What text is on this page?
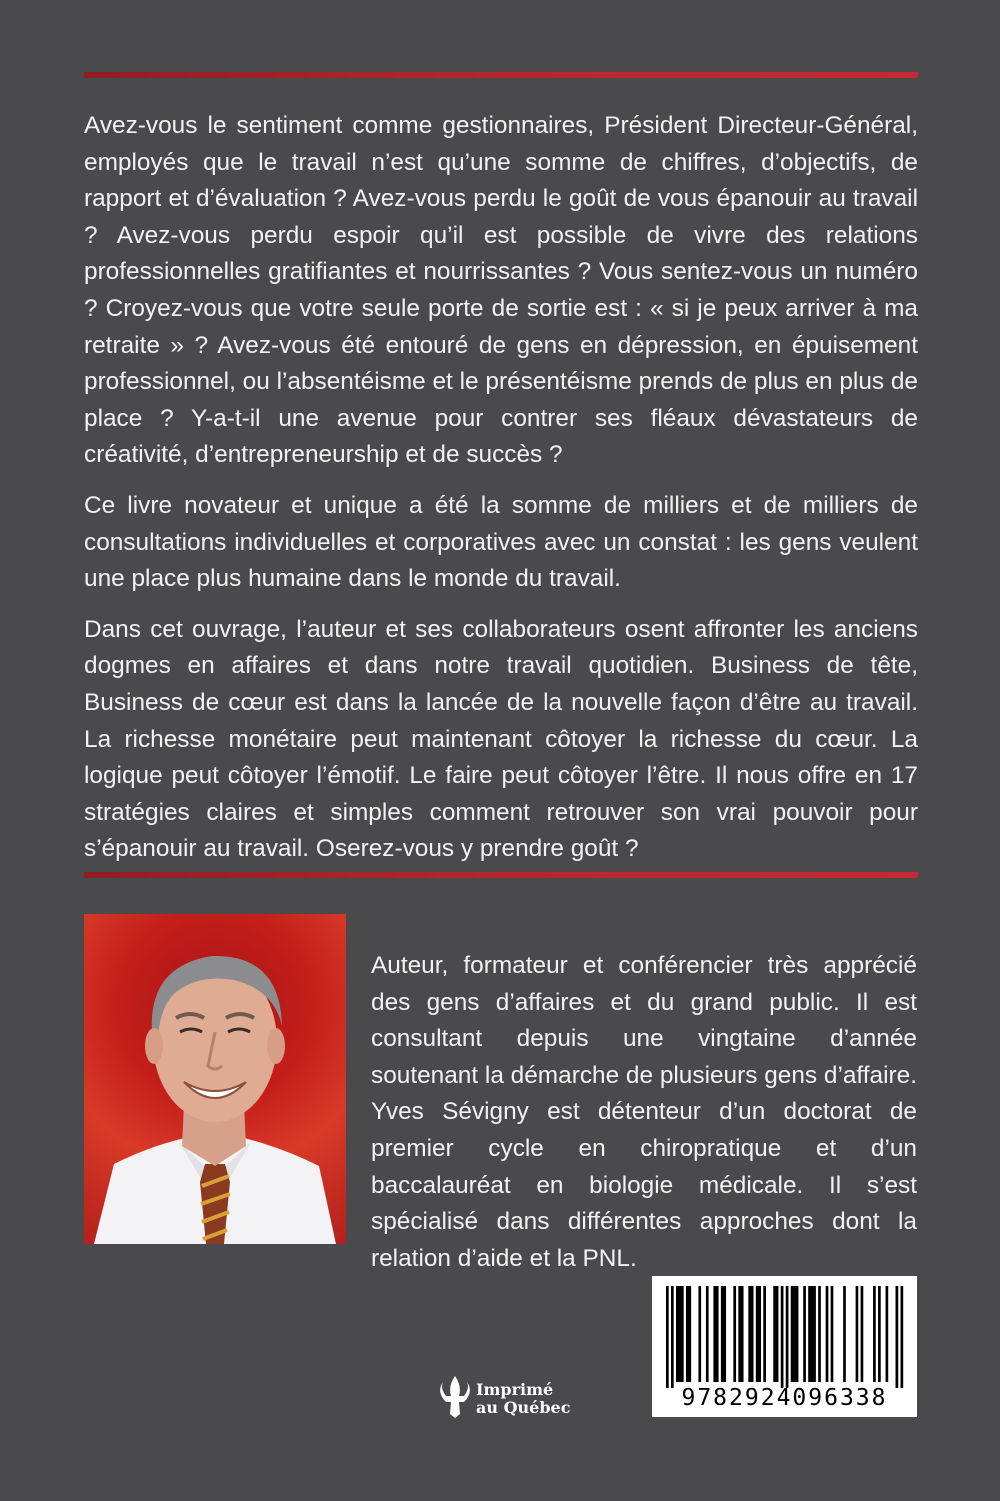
Avez-vous le sentiment comme gestionnaires, Président Directeur-Général, employés que le travail n’est qu’une somme de chiffres, d’objectifs, de rapport et d’évaluation ? Avez-vous perdu le goût de vous épanouir au travail ? Avez-vous perdu espoir qu’il est possible de vivre des relations professionnelles gratifiantes et nourrissantes ? Vous sentez-vous un numéro ? Croyez-vous que votre seule porte de sortie est : « si je peux arriver à ma retraite » ? Avez-vous été entouré de gens en dépression, en épuisement professionnel, ou l’absentéisme et le présentéisme prends de plus en plus de place ? Y-a-t-il une avenue pour contrer ses fléaux dévastateurs de créativité, d’entrepreneurship et de succès ?

Ce livre novateur et unique a été la somme de milliers et de milliers de consultations individuelles et corporatives avec un constat : les gens veulent une place plus humaine dans le monde du travail.

Dans cet ouvrage, l’auteur et ses collaborateurs osent affronter les anciens dogmes en affaires et dans notre travail quotidien. Business de tête, Business de cœur est dans la lancée de la nouvelle façon d’être au travail. La richesse monétaire peut maintenant côtoyer la richesse du cœur. La logique peut côtoyer l’émotif. Le faire peut côtoyer l’être. Il nous offre en 17 stratégies claires et simples comment retrouver son vrai pouvoir pour s’épanouir au travail. Oserez-vous y prendre goût ?

Auteur, formateur et conférencier très apprécié des gens d’affaires et du grand public. Il est consultant depuis une vingtaine d’année soutenant la démarche de plusieurs gens d’affaire. Yves Sévigny est détenteur d’un doctorat de premier cycle en chiropratique et d’un baccalauréat en biologie médicale. Il s’est spécialisé dans différentes approches dont la relation d’aide et la PNL.

Imprimé
au Québec	9782924096338
